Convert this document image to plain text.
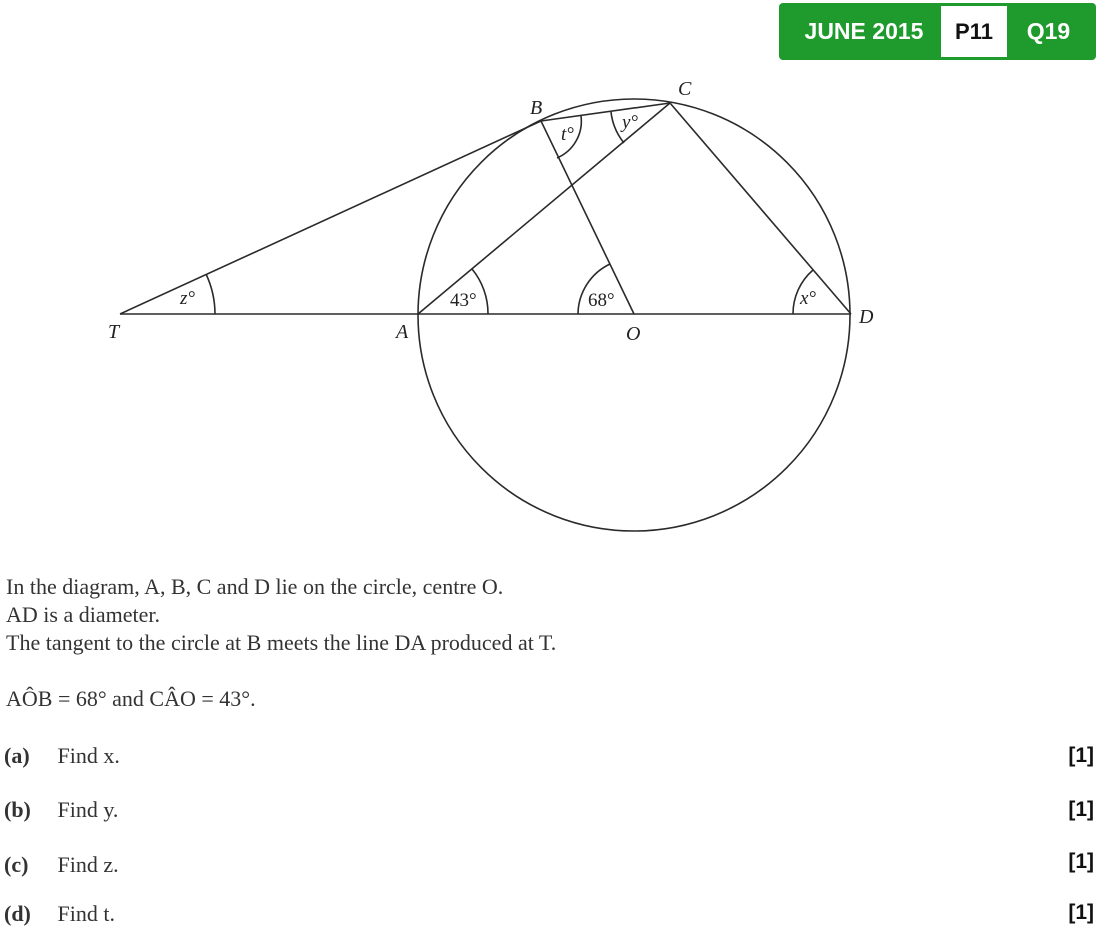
JUNE 2015	P11	Q19
T	A	O
D
B
C
z°	43°	68°	x°
t°
y°
In the diagram, A, B, C and D lie on the circle, centre O.
AD is a diameter.
The tangent to the circle at B meets the line DA produced at T.
AÔB = 68° and CÂO = 43°.
(a) Find x.	[1]
(b) Find y.	[1]
(c) Find z.	[1]
(d) Find t.	[1]
